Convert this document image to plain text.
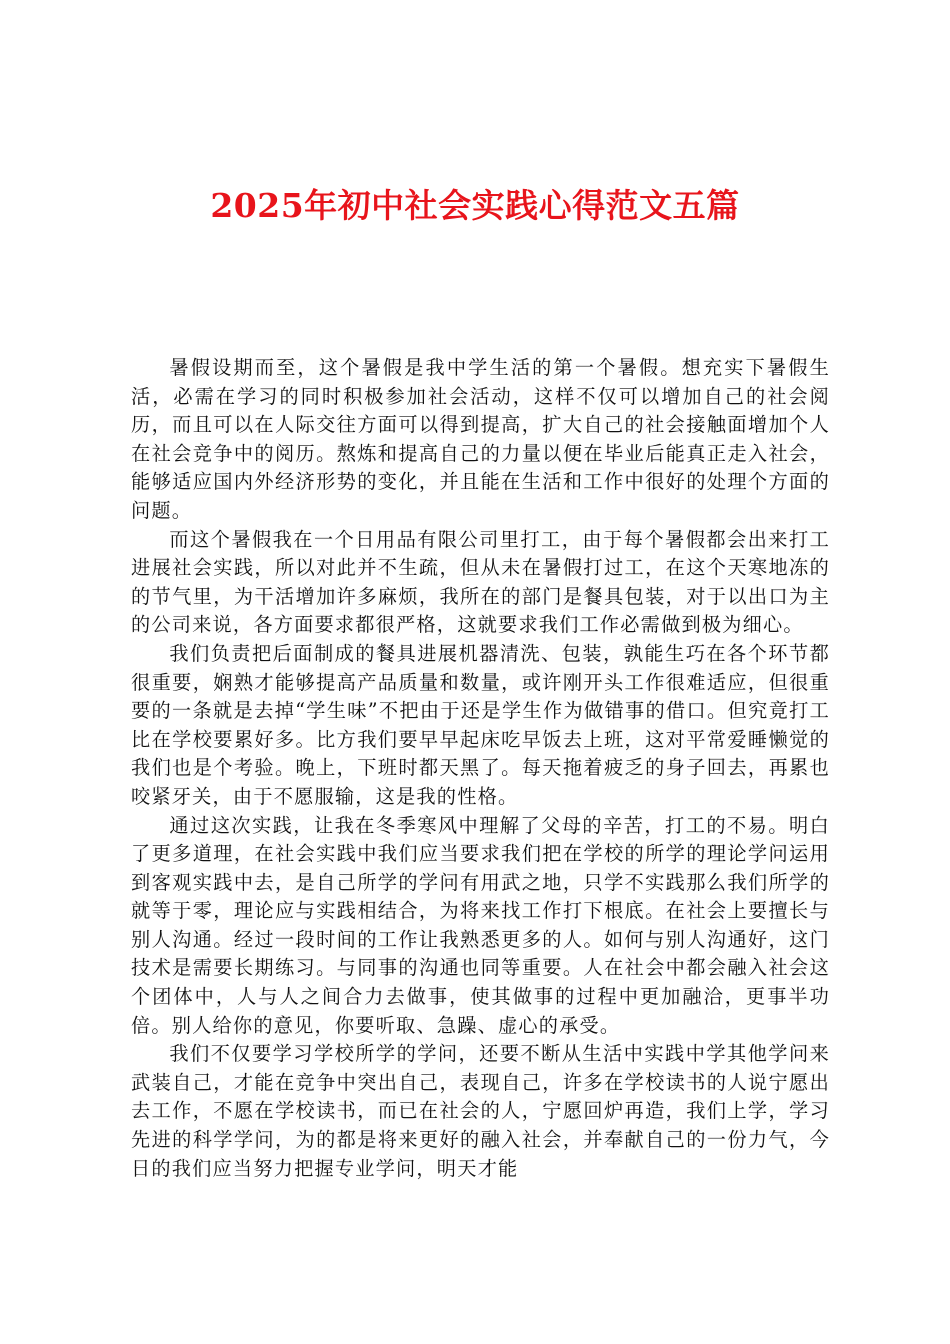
2025年初中社会实践心得范文五篇

暑假设期而至，这个暑假是我中学生活的第一个暑假。想充实下暑假生活，必需在学习的同时积极参加社会活动，这样不仅可以增加自己的社会阅历，而且可以在人际交往方面可以得到提高，扩大自己的社会接触面增加个人在社会竞争中的阅历。熬炼和提高自己的力量以便在毕业后能真正走入社会，能够适应国内外经济形势的变化，并且能在生活和工作中很好的处理个方面的问题。

而这个暑假我在一个日用品有限公司里打工，由于每个暑假都会出来打工进展社会实践，所以对此并不生疏，但从未在暑假打过工，在这个天寒地冻的的节气里，为干活增加许多麻烦，我所在的部门是餐具包装，对于以出口为主的公司来说，各方面要求都很严格，这就要求我们工作必需做到极为细心。

我们负责把后面制成的餐具进展机器清洗、包装，孰能生巧在各个环节都很重要，娴熟才能够提高产品质量和数量，或许刚开头工作很难适应，但很重要的一条就是去掉“学生味”不把由于还是学生作为做错事的借口。但究竟打工比在学校要累好多。比方我们要早早起床吃早饭去上班，这对平常爱睡懒觉的我们也是个考验。晚上，下班时都天黑了。每天拖着疲乏的身子回去，再累也咬紧牙关，由于不愿服输，这是我的性格。

通过这次实践，让我在冬季寒风中理解了父母的辛苦，打工的不易。明白了更多道理，在社会实践中我们应当要求我们把在学校的所学的理论学问运用到客观实践中去，是自己所学的学问有用武之地，只学不实践那么我们所学的就等于零，理论应与实践相结合，为将来找工作打下根底。在社会上要擅长与别人沟通。经过一段时间的工作让我熟悉更多的人。如何与别人沟通好，这门技术是需要长期练习。与同事的沟通也同等重要。人在社会中都会融入社会这个团体中，人与人之间合力去做事，使其做事的过程中更加融洽，更事半功倍。别人给你的意见，你要听取、急躁、虚心的承受。

我们不仅要学习学校所学的学问，还要不断从生活中实践中学其他学问来武装自己，才能在竞争中突出自己，表现自己，许多在学校读书的人说宁愿出去工作，不愿在学校读书，而已在社会的人，宁愿回炉再造，我们上学，学习先进的科学学问，为的都是将来更好的融入社会，并奉献自己的一份力气，今日的我们应当努力把握专业学问，明天才能
